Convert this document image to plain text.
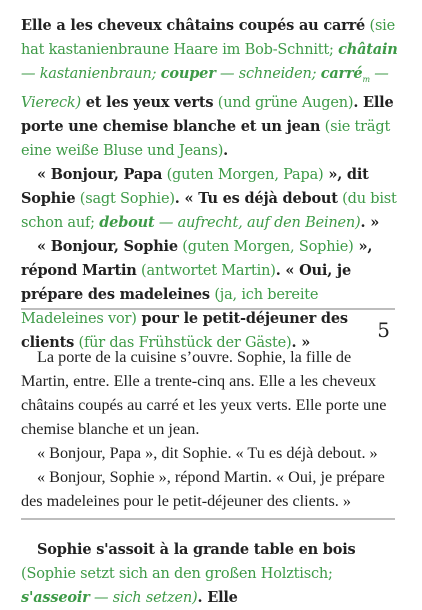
Elle a les cheveux châtains coupés au carré (sie hat kastanienbraune Haare im Bob-Schnitt; châtain — kastanienbraun; couper — schneiden; carré$_m$ — Viereck) et les yeux verts (und grüne Augen). Elle porte une chemise blanche et un jean (sie trägt eine weiße Bluse und Jeans).

« Bonjour, Papa (guten Morgen, Papa) », dit Sophie (sagt Sophie). « Tu es déjà debout (du bist schon auf; debout — aufrecht, auf den Beinen). »

« Bonjour, Sophie (guten Morgen, Sophie) », répond Martin (antwortet Martin). « Oui, je prépare des madeleines (ja, ich bereite Madeleines vor) pour le petit-déjeuner des clients (für das Frühstück der Gäste). »

5

La porte de la cuisine s’ouvre. Sophie, la fille de Martin, entre. Elle a trente-cinq ans. Elle a les cheveux châtains coupés au carré et les yeux verts. Elle porte une chemise blanche et un jean.

« Bonjour, Papa », dit Sophie. « Tu es déjà debout. »

« Bonjour, Sophie », répond Martin. « Oui, je prépare des madeleines pour le petit-déjeuner des clients. »

Sophie s'assoit à la grande table en bois (Sophie setzt sich an den großen Holztisch; s'asseoir — sich setzen). Elle
